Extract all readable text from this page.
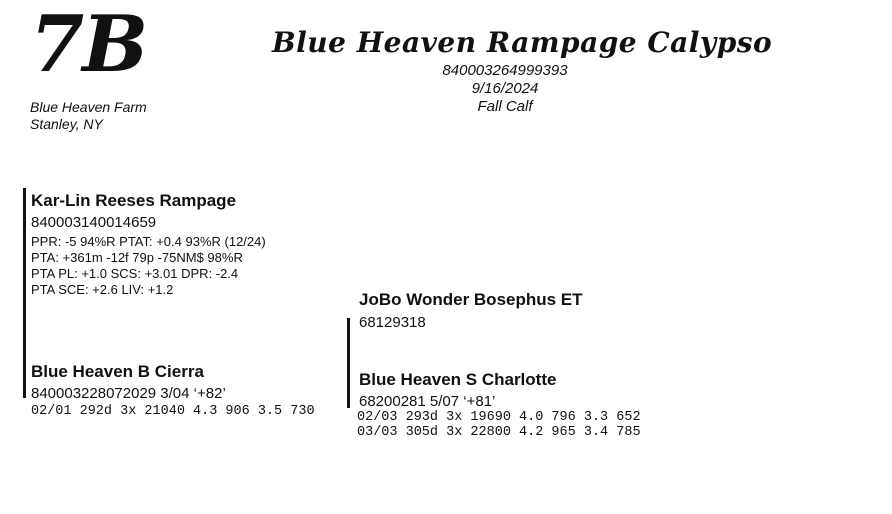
7B
Blue Heaven Farm
Stanley, NY
Blue Heaven Rampage Calypso
840003264999393
9/16/2024
Fall Calf
Kar-Lin Reeses Rampage
840003140014659
PPR: -5 94%R PTAT: +0.4 93%R (12/24)
PTA: +361m -12f 79p -75NM$ 98%R
PTA PL: +1.0 SCS: +3.01 DPR: -2.4
PTA SCE: +2.6 LIV: +1.2
Blue Heaven B Cierra
840003228072029 3/04 ‘+82’
02/01 292d 3x 21040 4.3 906 3.5 730
JoBo Wonder Bosephus ET
68129318
Blue Heaven S Charlotte
68200281 5/07 ‘+81’
02/03 293d 3x 19690 4.0 796 3.3 652
03/03 305d 3x 22800 4.2 965 3.4 785
